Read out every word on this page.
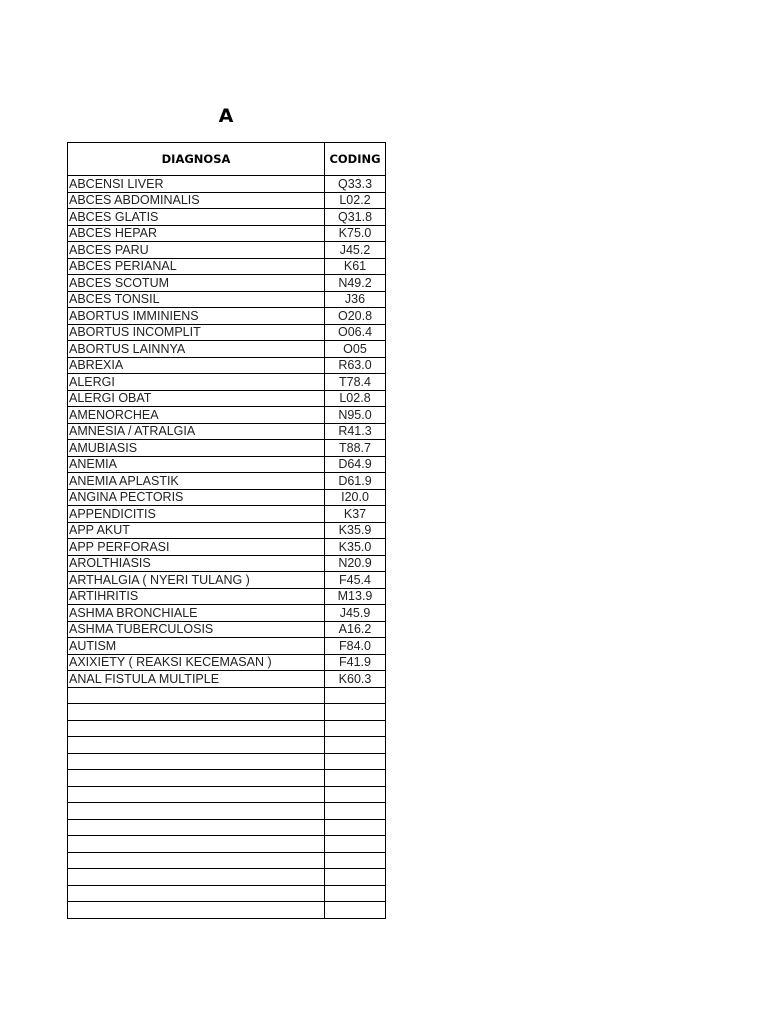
A
DIAGNOSA	CODING
ABCENSI LIVER	Q33.3
ABCES ABDOMINALIS	L02.2
ABCES GLATIS	Q31.8
ABCES HEPAR	K75.0
ABCES PARU	J45.2
ABCES PERIANAL	K61
ABCES SCOTUM	N49.2
ABCES TONSIL	J36
ABORTUS IMMINIENS	O20.8
ABORTUS INCOMPLIT	O06.4
ABORTUS LAINNYA	O05
ABREXIA	R63.0
ALERGI	T78.4
ALERGI OBAT	L02.8
AMENORCHEA	N95.0
AMNESIA / ATRALGIA	R41.3
AMUBIASIS	T88.7
ANEMIA	D64.9
ANEMIA APLASTIK	D61.9
ANGINA PECTORIS	I20.0
APPENDICITIS	K37
APP AKUT	K35.9
APP PERFORASI	K35.0
AROLTHIASIS	N20.9
ARTHALGIA ( NYERI TULANG )	F45.4
ARTIHRITIS	M13.9
ASHMA BRONCHIALE	J45.9
ASHMA TUBERCULOSIS	A16.2
AUTISM	F84.0
AXIXIETY ( REAKSI KECEMASAN )	F41.9
ANAL FISTULA MULTIPLE	K60.3
